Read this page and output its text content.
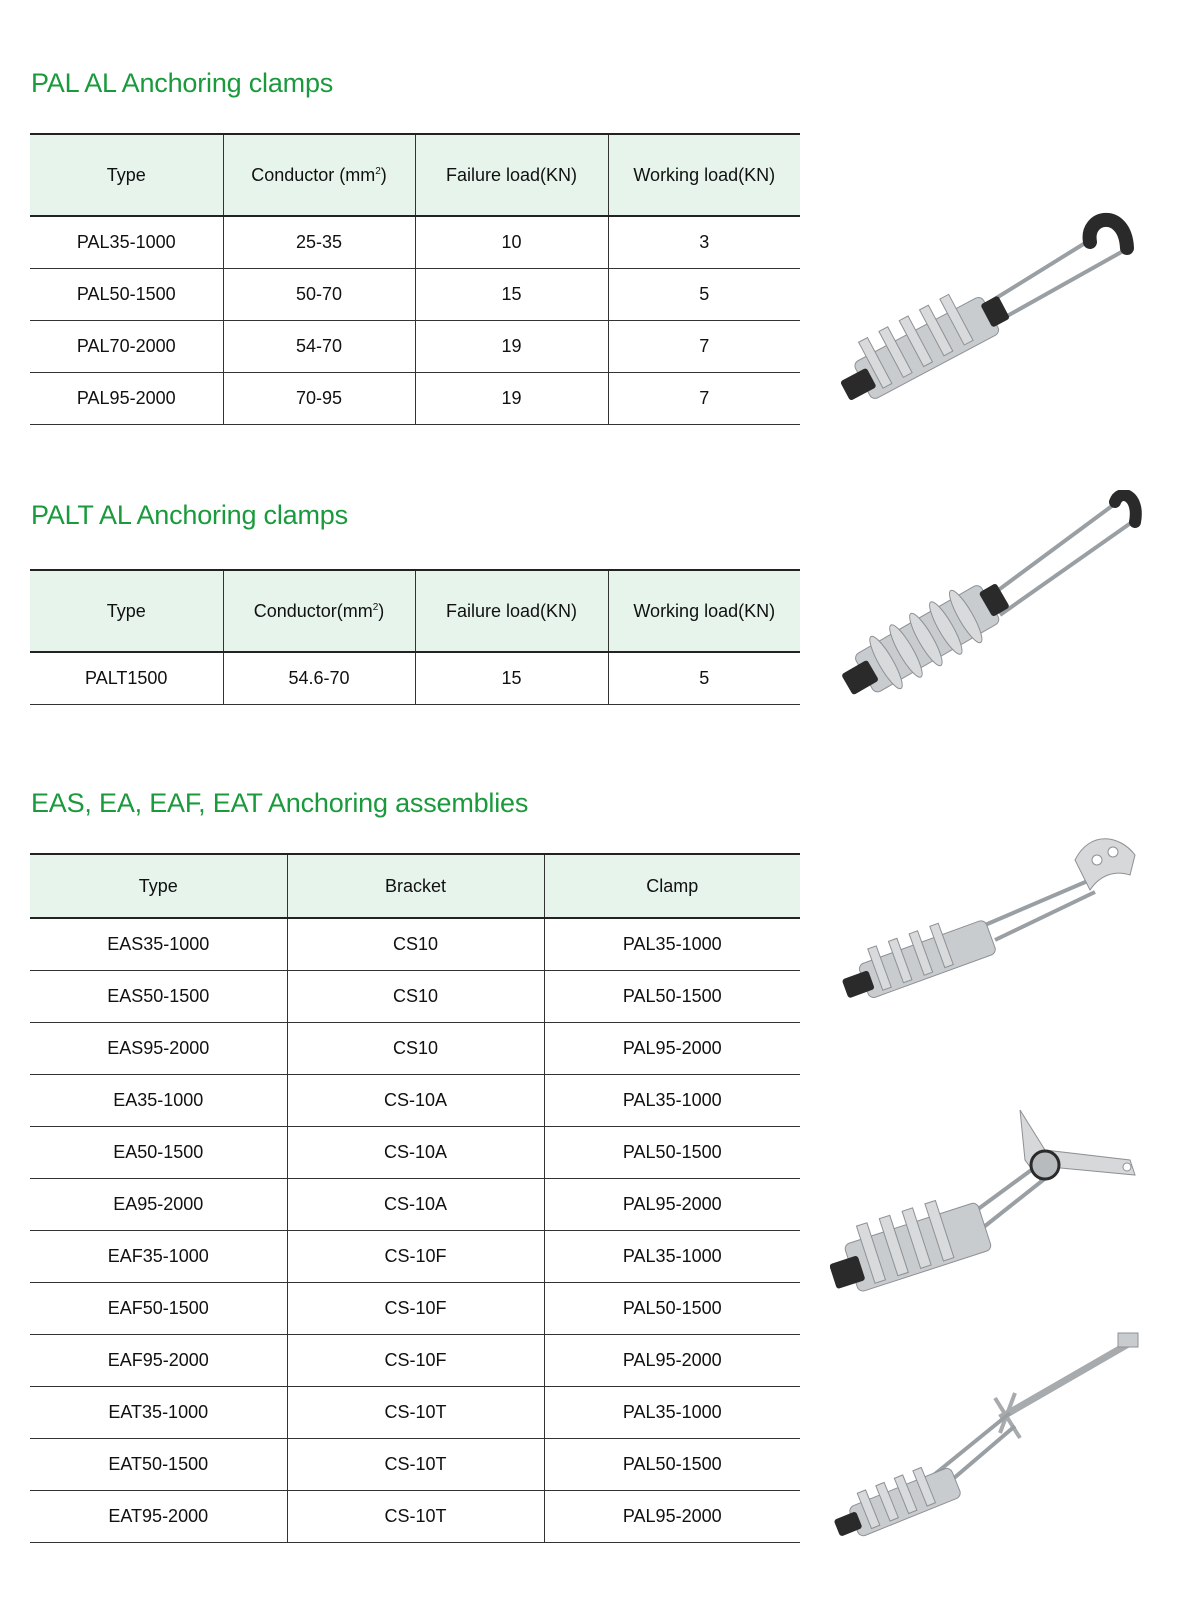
PAL AL Anchoring clamps
Type	Conductor $(mm^2)$	Failure load(KN)	Working load(KN)
PAL35-1000	25-35	10	3
PAL50-1500	50-70	15	5
PAL70-2000	54-70	19	7
PAL95-2000	70-95	19	7
PALT AL Anchoring clamps
Type	$Conductor(mm^2)$	Failure load(KN)	Working load(KN)
PALT1500	54.6-70	15	5
EAS, EA, EAF, EAT Anchoring assemblies
Type	Bracket	Clamp
EAS35-1000	CS10	PAL35-1000
EAS50-1500	CS10	PAL50-1500
EAS95-2000	CS10	PAL95-2000
EA35-1000	CS-10A	PAL35-1000
EA50-1500	CS-10A	PAL50-1500
EA95-2000	CS-10A	PAL95-2000
EAF35-1000	CS-10F	PAL35-1000
EAF50-1500	CS-10F	PAL50-1500
EAF95-2000	CS-10F	PAL95-2000
EAT35-1000	CS-10T	PAL35-1000
EAT50-1500	CS-10T	PAL50-1500
EAT95-2000	CS-10T	PAL95-2000
